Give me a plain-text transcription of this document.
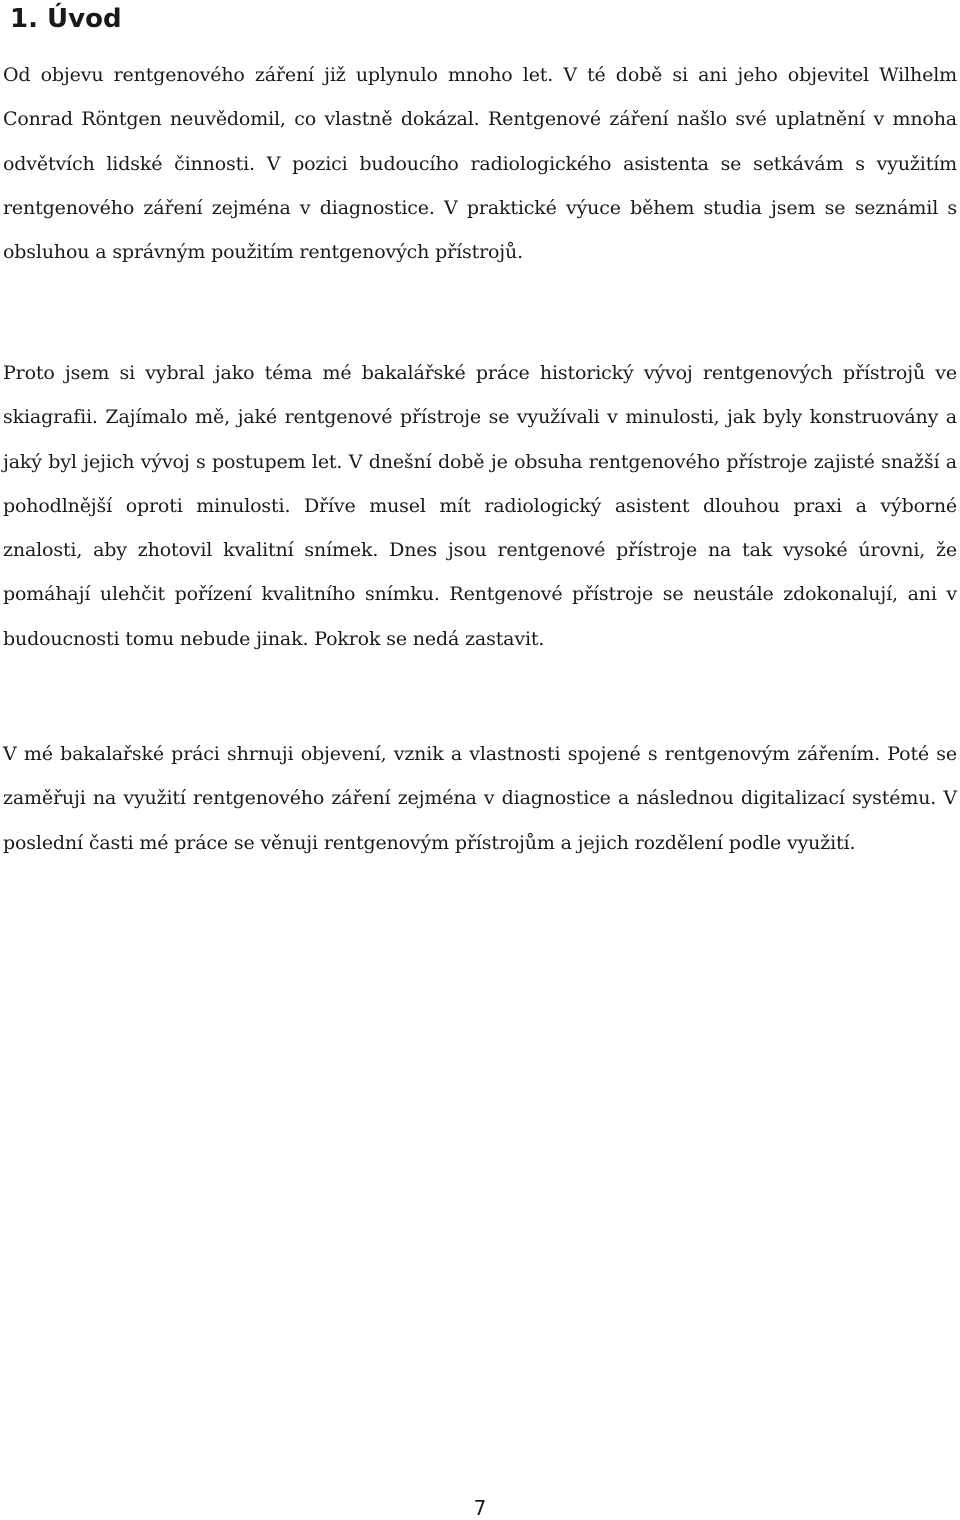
1. Úvod

Od objevu rentgenového záření již uplynulo mnoho let. V té době si ani jeho objevitel Wilhelm Conrad Röntgen neuvědomil, co vlastně dokázal. Rentgenové záření našlo své uplatnění v mnoha odvětvích lidské činnosti. V pozici budoucího radiologického asistenta se setkávám s využitím rentgenového záření zejména v diagnostice. V praktické výuce během studia jsem se seznámil s obsluhou a správným použitím rentgenových přístrojů.

Proto jsem si vybral jako téma mé bakalářské práce historický vývoj rentgenových přístrojů ve skiagrafii. Zajímalo mě, jaké rentgenové přístroje se využívali v minulosti, jak byly konstruovány a jaký byl jejich vývoj s postupem let. V dnešní době je obsuha rentgenového přístroje zajisté snažší a pohodlnější oproti minulosti. Dříve musel mít radiologický asistent dlouhou praxi a výborné znalosti, aby zhotovil kvalitní snímek. Dnes jsou rentgenové přístroje na tak vysoké úrovni, že pomáhají ulehčit pořízení kvalitního snímku. Rentgenové přístroje se neustále zdokonalují, ani v budoucnosti tomu nebude jinak. Pokrok se nedá zastavit.

V mé bakalařské práci shrnuji objevení, vznik a vlastnosti spojené s rentgenovým zářením. Poté se zaměřuji na využití rentgenového záření zejména v diagnostice a následnou digitalizací systému. V poslední časti mé práce se věnuji rentgenovým přístrojům a jejich rozdělení podle využití.

7
